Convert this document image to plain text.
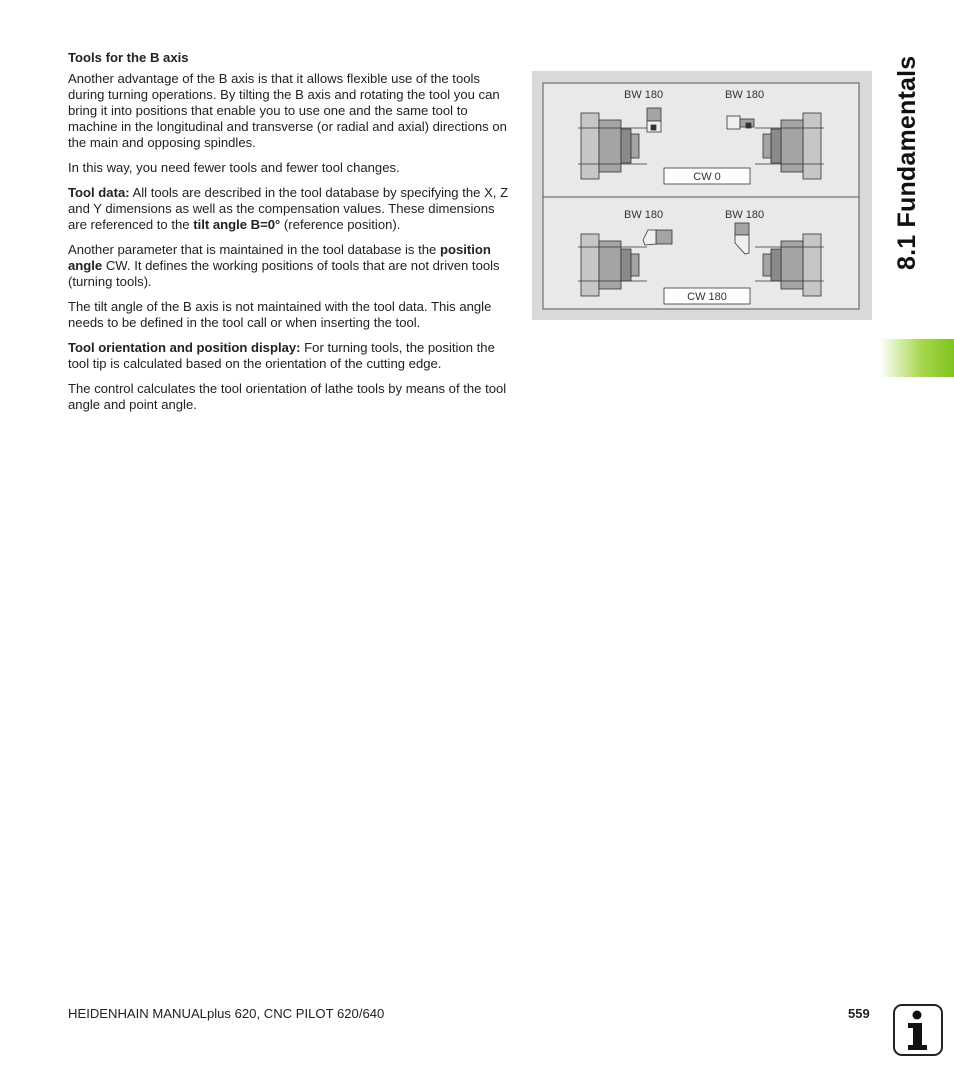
Tools for the B axis

Another advantage of the B axis is that it allows flexible use of the tools during turning operations. By tilting the B axis and rotating the tool you can bring it into positions that enable you to use one and the same tool to machine in the longitudinal and transverse (or radial and axial) directions on the main and opposing spindles.

In this way, you need fewer tools and fewer tool changes.

Tool data: All tools are described in the tool database by specifying the X, Z and Y dimensions as well as the compensation values. These dimensions are referenced to the tilt angle B=0° (reference position).

Another parameter that is maintained in the tool database is the position angle CW. It defines the working positions of tools that are not driven tools (turning tools).

The tilt angle of the B axis is not maintained with the tool data. This angle needs to be defined in the tool call or when inserting the tool.

Tool orientation and position display: For turning tools, the position the tool tip is calculated based on the orientation of the cutting edge.

The control calculates the tool orientation of lathe tools by means of the tool angle and point angle.

BW 180	BW 180
CW 0
BW 180	BW 180
CW 180
8.1 Fundamentals
HEIDENHAIN MANUALplus 620, CNC PILOT 620/640	559
